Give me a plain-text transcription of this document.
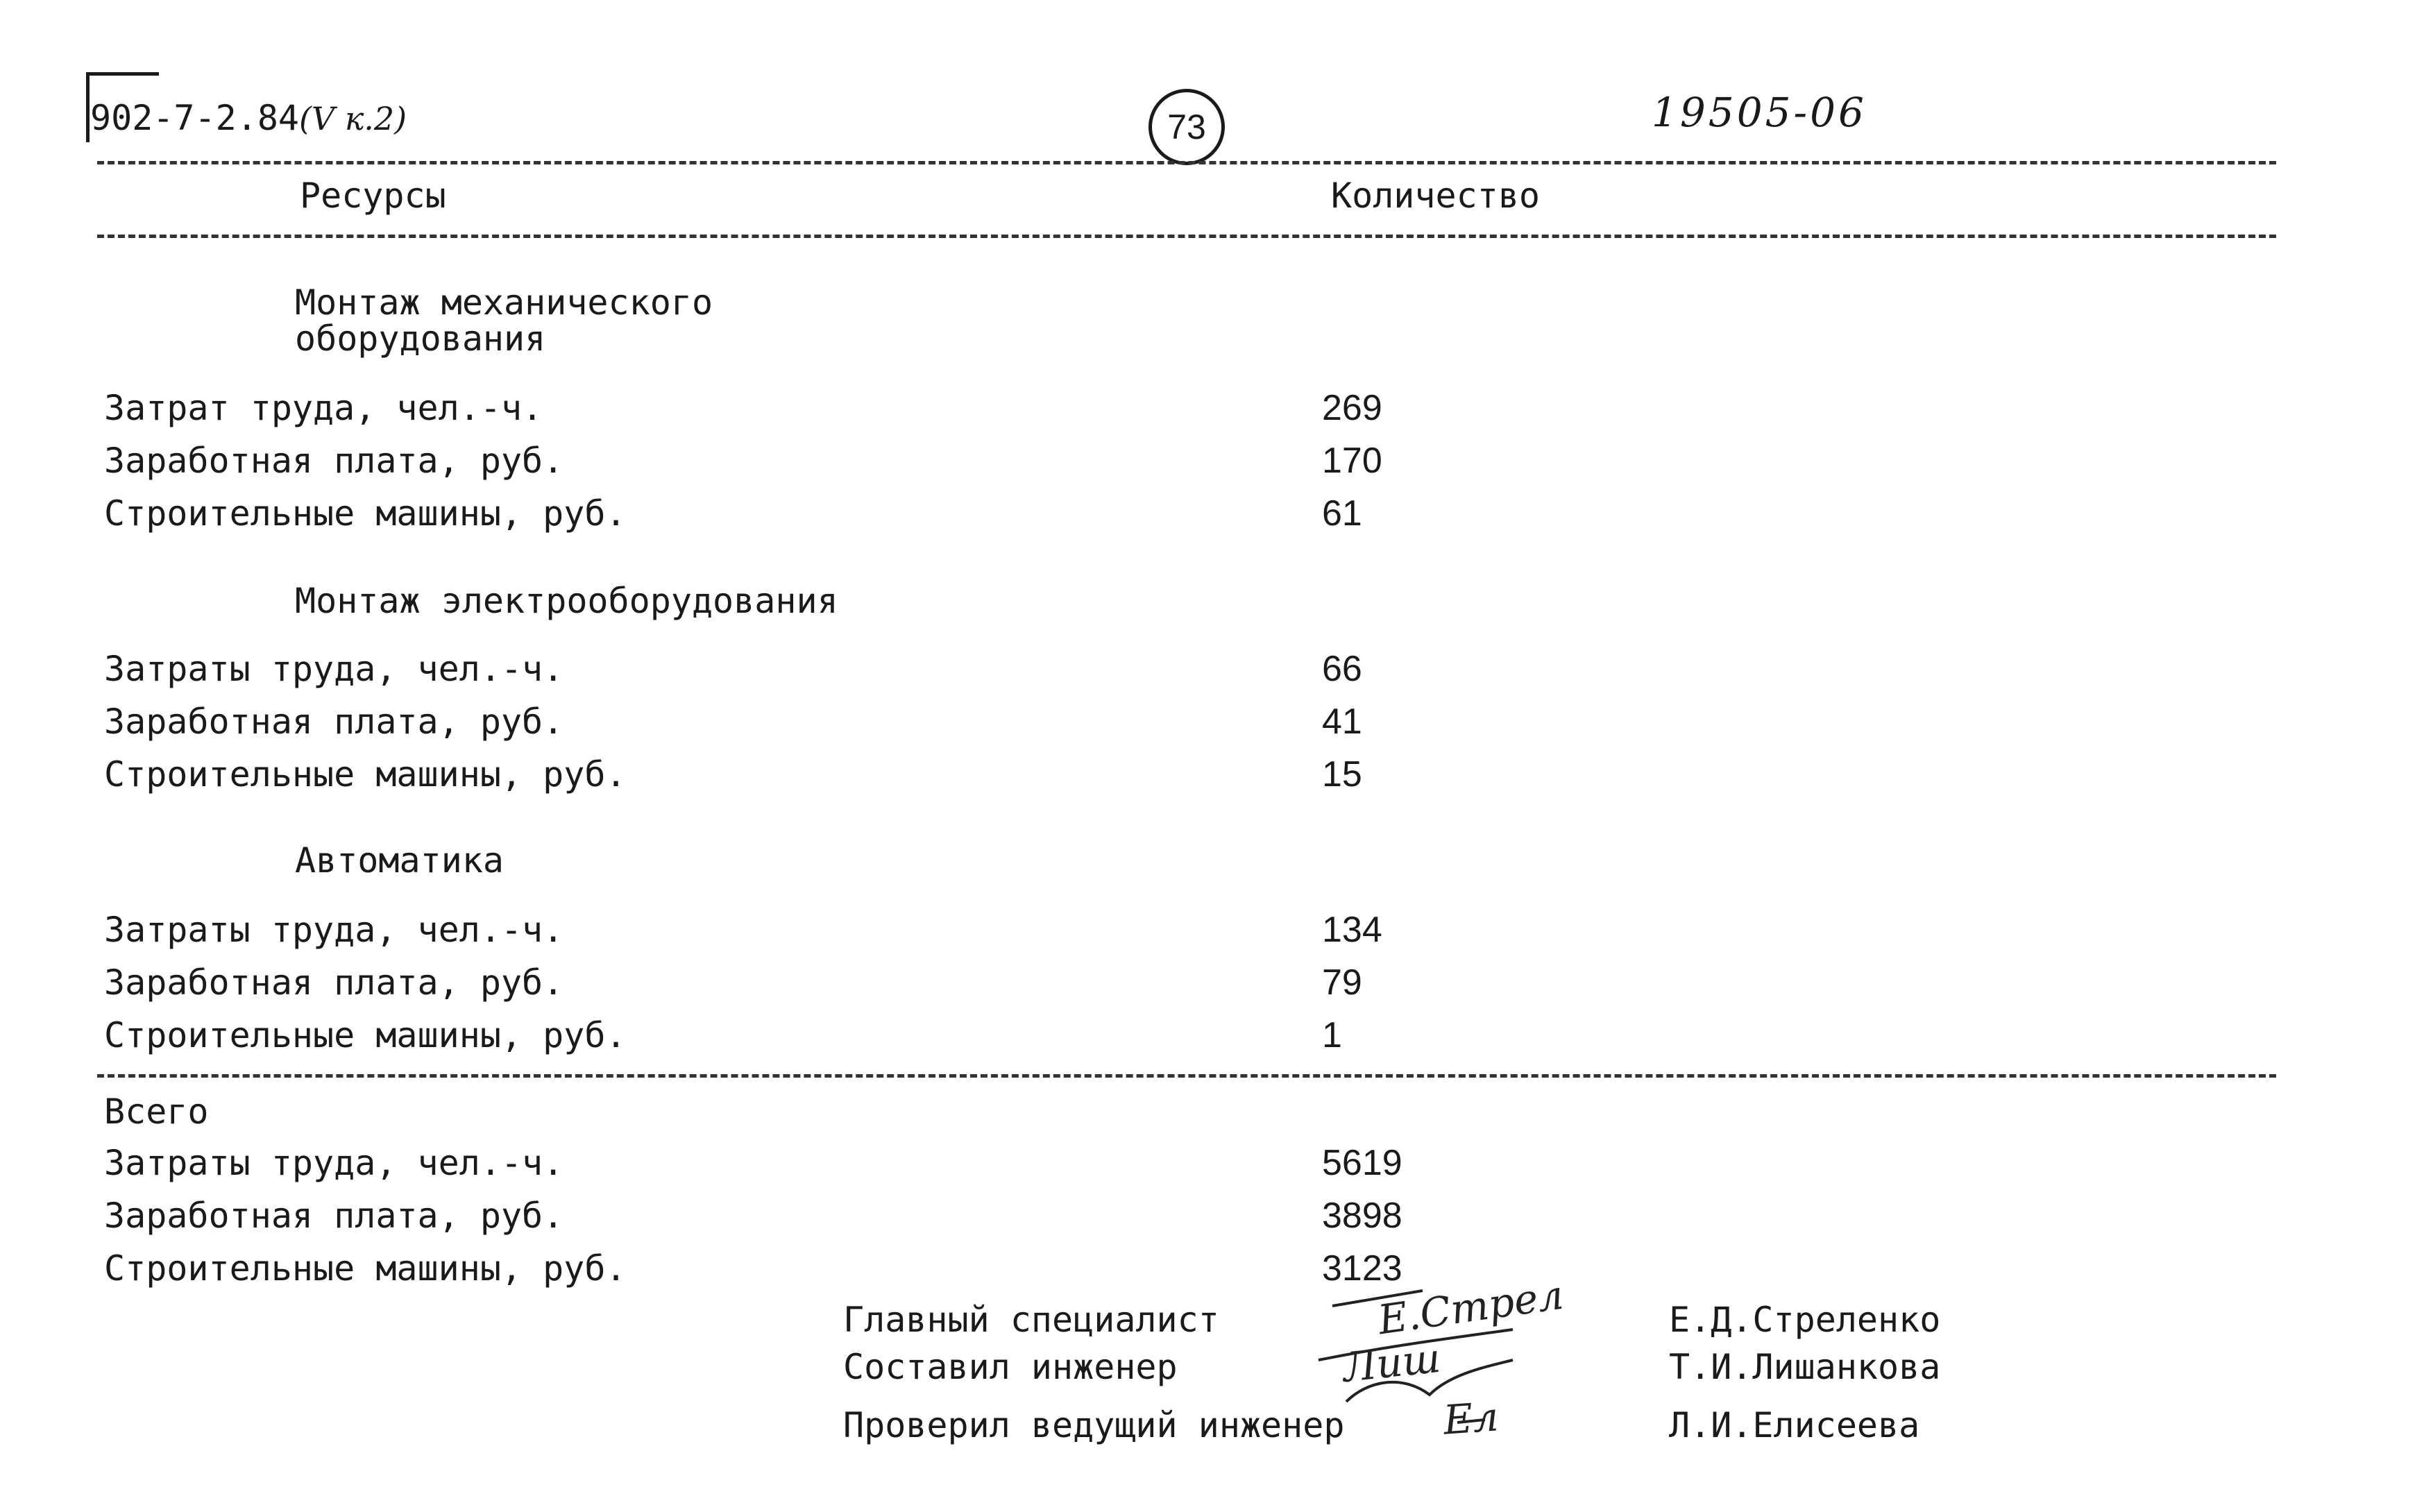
902-7-2.84(V к.2)	73	19505-06
Ресурсы	Количество
Монтаж механического
оборудования
Затрат труда, чел.-ч.	269
Заработная плата, руб.	170
Строительные машины, руб.	61
Монтаж электрооборудования
Затраты труда, чел.-ч.	66
Заработная плата, руб.	41
Строительные машины, руб.	15
Автоматика
Затраты труда, чел.-ч.	134
Заработная плата, руб.	79
Строительные машины, руб.	1
Всего
Затраты труда, чел.-ч.	5619
Заработная плата, руб.	3898
Строительные машины, руб.	3123
Главный специалист	Е.Стрел	Е.Д.Стреленко
Составил инженер	Лиш	Т.И.Лишанкова
Проверил ведущий инженер Ел	Л.И.Елисеева
